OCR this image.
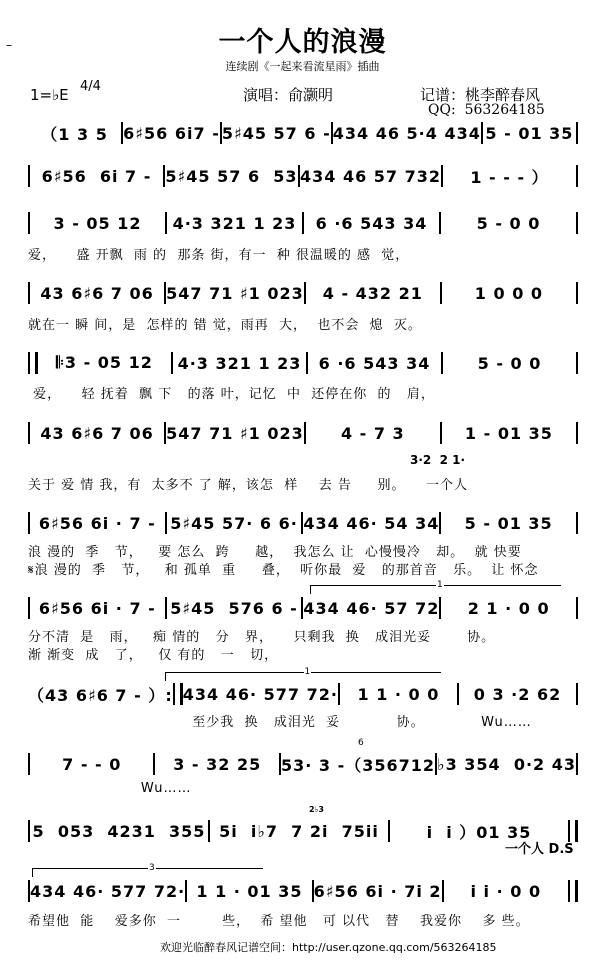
–	一个人的浪漫
连续剧《一起来看流星雨》插曲
1=♭E 4/4	演唱：俞灏明	记谱：桃李醉春风
QQ:  563264185
（1 3 5 6♯56 6i7 - 5♯45 57 6 - 434 46 5·4 434 5 - 01 35
6♯56  6i 7 - 5♯45 57 6  53 434 46 57 732	1 - - - ）
3 - 05 12	4·3 321 1 23	6 ·6 543 34	5 - 0 0
爱，    盛 开飘  雨 的  那条 街，有一  种 很温暖的 感  觉，
43 6♯6 7 06 547 71 ♯1 023	4 - 432 21	1 0 0 0
就在一 瞬 间，是  怎样的 错 觉，雨再  大，  也不会  熄  灭。
𝄆3 - 05 12	4·3 321 1 23	6 ·6 543 34	5 - 0 0
爱，    轻 抚着  飘 下   的落 叶，记忆  中  还停在你  的   肩，
43 6♯6 7 06 547 71 ♯1 023	4 - 7 3	1 - 01 35
关于 爱 情 我，有  太多不 了 解，该怎  样    去 告     别。    一个人
6♯56 6i · 7 - 5♯45 57· 6 6· 434 46· 54 34	5 - 01 35
浪 漫的  季   节，   要 怎么  跨     越，  我怎么 让  心慢慢冷   却。  就 快要
𝄋浪 漫的  季   节，   和 孤单  重     叠，  听你最  爱   的那首音   乐。  让 怀念
6♯56 6i · 7 - 5♯45  576 6 - 434 46· 57 72	2 1 · 0 0
分不清  是   雨，   痴 情的   分   界，    只剩我  换   成泪光妥       协。
渐 渐变  成   了，   仅 有的   一   切，
（43 6♯6 7 - ）: 434 46· 577 72·	1 1 · 0 0	0 3 ·2 62
至少我  换   成泪光  妥           协。           Wu……
7 - - 0	3 - 32 25	53· 3 -（356712 ♭3 354  0·2 43
Wu……
5  053  4231  355 5i  i♭7  7 2i  75ii	i  i ）01 35
434 46· 577 72· 1 1 · 01 35 6♯56 6i · 7i 2	i i · 0 0
希望他  能    爱多你  一        些，  希 望他   可 以代   替    我爱你    多 些。
3·2  2 1·
一个人 D.S
1
1
3
6
2♭3
欢迎光临醉春风记谱空间：http://user.qzone.qq.com/563264185
